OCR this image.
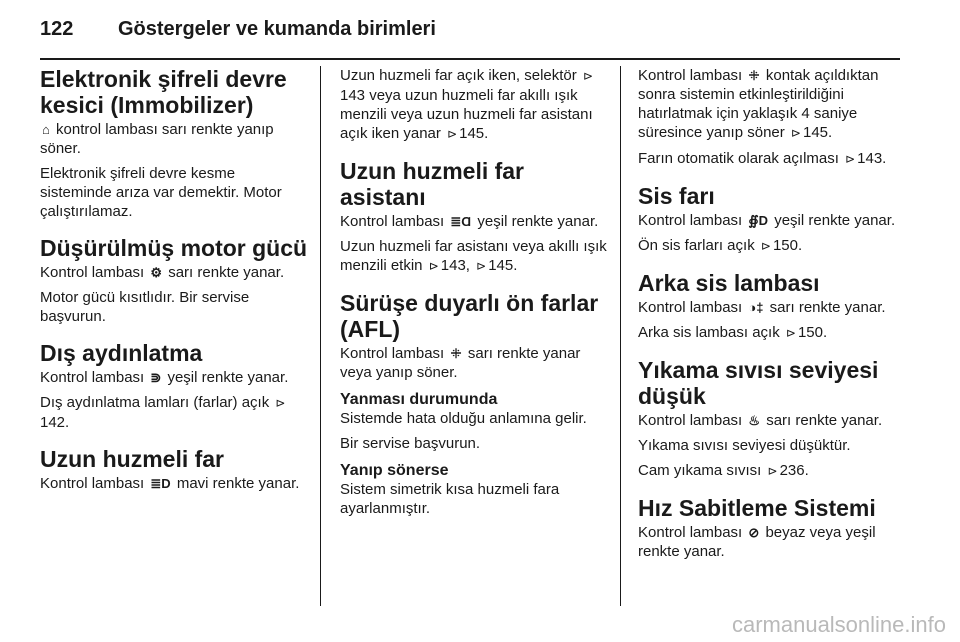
122 Göstergeler ve kumanda birimleri
Elektronik şifreli devre kesici (Immobilizer)

⌂ kontrol lambası sarı renkte yanıp söner.

Elektronik şifreli devre kesme sisteminde arıza var demektir. Motor çalıştırılamaz.

Düşürülmüş motor gücü

Kontrol lambası ⚙ sarı renkte yanar.

Motor gücü kısıtlıdır. Bir servise başvurun.

Dış aydınlatma

Kontrol lambası ⋑ yeşil renkte yanar.

Dış aydınlatma lamları (farlar) açık ⊳142.

Uzun huzmeli far

Kontrol lambası ≣D mavi renkte yanar.

Uzun huzmeli far açık iken, selektör ⊳143 veya uzun huzmeli far akıllı ışık menzili veya uzun huzmeli far asistanı açık iken yanar ⊳ 145.

Uzun huzmeli far asistanı

Kontrol lambası ≣Ɑ yeşil renkte yanar.

Uzun huzmeli far asistanı veya akıllı ışık menzili etkin ⊳ 143, ⊳ 145.

Sürüşe duyarlı ön farlar (AFL)

Kontrol lambası ꔰ sarı renkte yanar veya yanıp söner.

Yanması durumunda

Sistemde hata olduğu anlamına gelir.

Bir servise başvurun.

Yanıp sönerse

Sistem simetrik kısa huzmeli fara ayarlanmıştır.

Kontrol lambası ꔰ kontak açıldıktan sonra sistemin etkinleştirildiğini hatırlatmak için yaklaşık 4 saniye süresince yanıp söner ⊳ 145.

Farın otomatik olarak açılması ⊳ 143.

Sis farı

Kontrol lambası ∯D yeşil renkte yanar.

Ön sis farları açık ⊳ 150.

Arka sis lambası

Kontrol lambası ◑‡ sarı renkte yanar.

Arka sis lambası açık ⊳ 150.

Yıkama sıvısı seviyesi düşük

Kontrol lambası ♨ sarı renkte yanar.

Yıkama sıvısı seviyesi düşüktür.

Cam yıkama sıvısı ⊳ 236.

Hız Sabitleme Sistemi

Kontrol lambası ⊘ beyaz veya yeşil renkte yanar.

carmanualsonline.info
